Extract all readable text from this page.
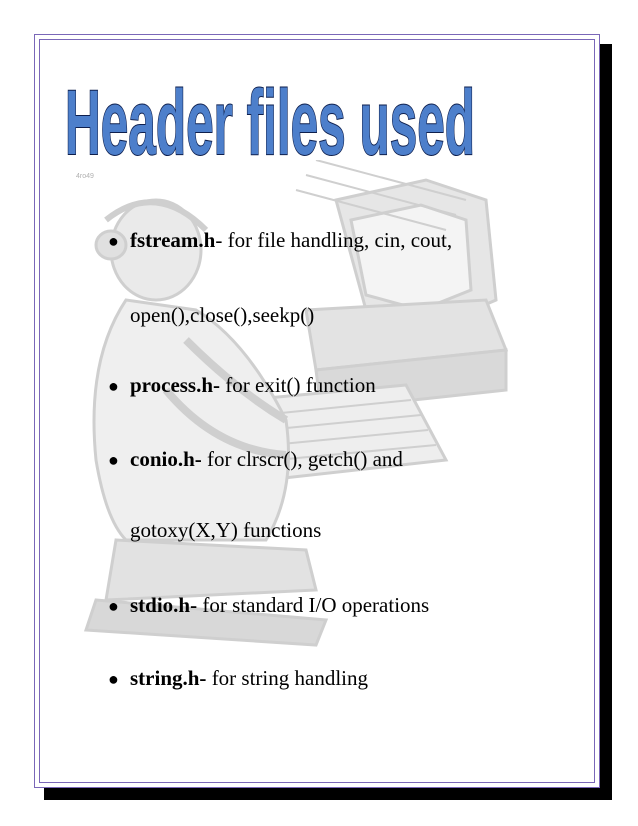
4ro49
Header files used
● fstream.h- for file handling, cin, cout,
open(),close(),seekp()
● process.h- for exit() function
● conio.h- for clrscr(), getch() and
gotoxy(X,Y) functions
● stdio.h- for standard I/O operations
● string.h- for string handling
